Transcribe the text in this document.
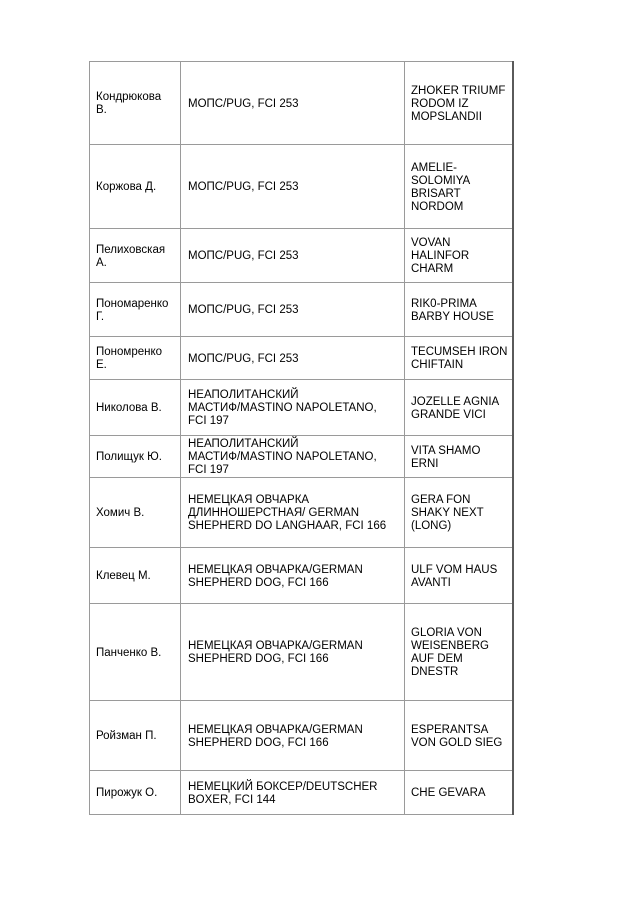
Кондрюкова В.	МОПС/PUG, FCI 253	ZHOKER TRIUMF RODOM IZ MOPSLANDII
Коржова Д.	МОПС/PUG, FCI 253	AMELIE-SOLOMIYA BRISART NORDOM
Пелиховская А.	МОПС/PUG, FCI 253	VOVAN HALINFOR CHARM
Пономаренко Г.	МОПС/PUG, FCI 253	RIK0-PRIMA BARBY HOUSE
Пономренко Е.	МОПС/PUG, FCI 253	TECUMSEH IRON CHIFTAIN
Николова В.	НЕАПОЛИТАНСКИЙ МАСТИФ/MASTINO NAPOLETANO, FCI 197	JOZELLE AGNIA GRANDE VICI
Полищук Ю.	НЕАПОЛИТАНСКИЙ МАСТИФ/MASTINO NAPOLETANO, FCI 197	VITA SHAMO ERNI
Хомич В.	НЕМЕЦКАЯ ОВЧАРКА ДЛИННОШЕРСТНАЯ/ GERMAN SHEPHERD DO LANGHAAR, FCI 166	GERA FON SHAKY NEXT (LONG)
Клевец М.	НЕМЕЦКАЯ ОВЧАРКА/GERMAN SHEPHERD DOG, FCI 166	ULF VOM HAUS AVANTI
Панченко В.	НЕМЕЦКАЯ ОВЧАРКА/GERMAN SHEPHERD DOG, FCI 166	GLORIA VON WEISENBERG AUF DEM DNESTR
Ройзман П.	НЕМЕЦКАЯ ОВЧАРКА/GERMAN SHEPHERD DOG, FCI 166	ESPERANTSA VON GOLD SIEG
Пирожук О.	НЕМЕЦКИЙ БОКСЕР/DEUTSCHER BOXER, FCI 144	CHE GEVARA
